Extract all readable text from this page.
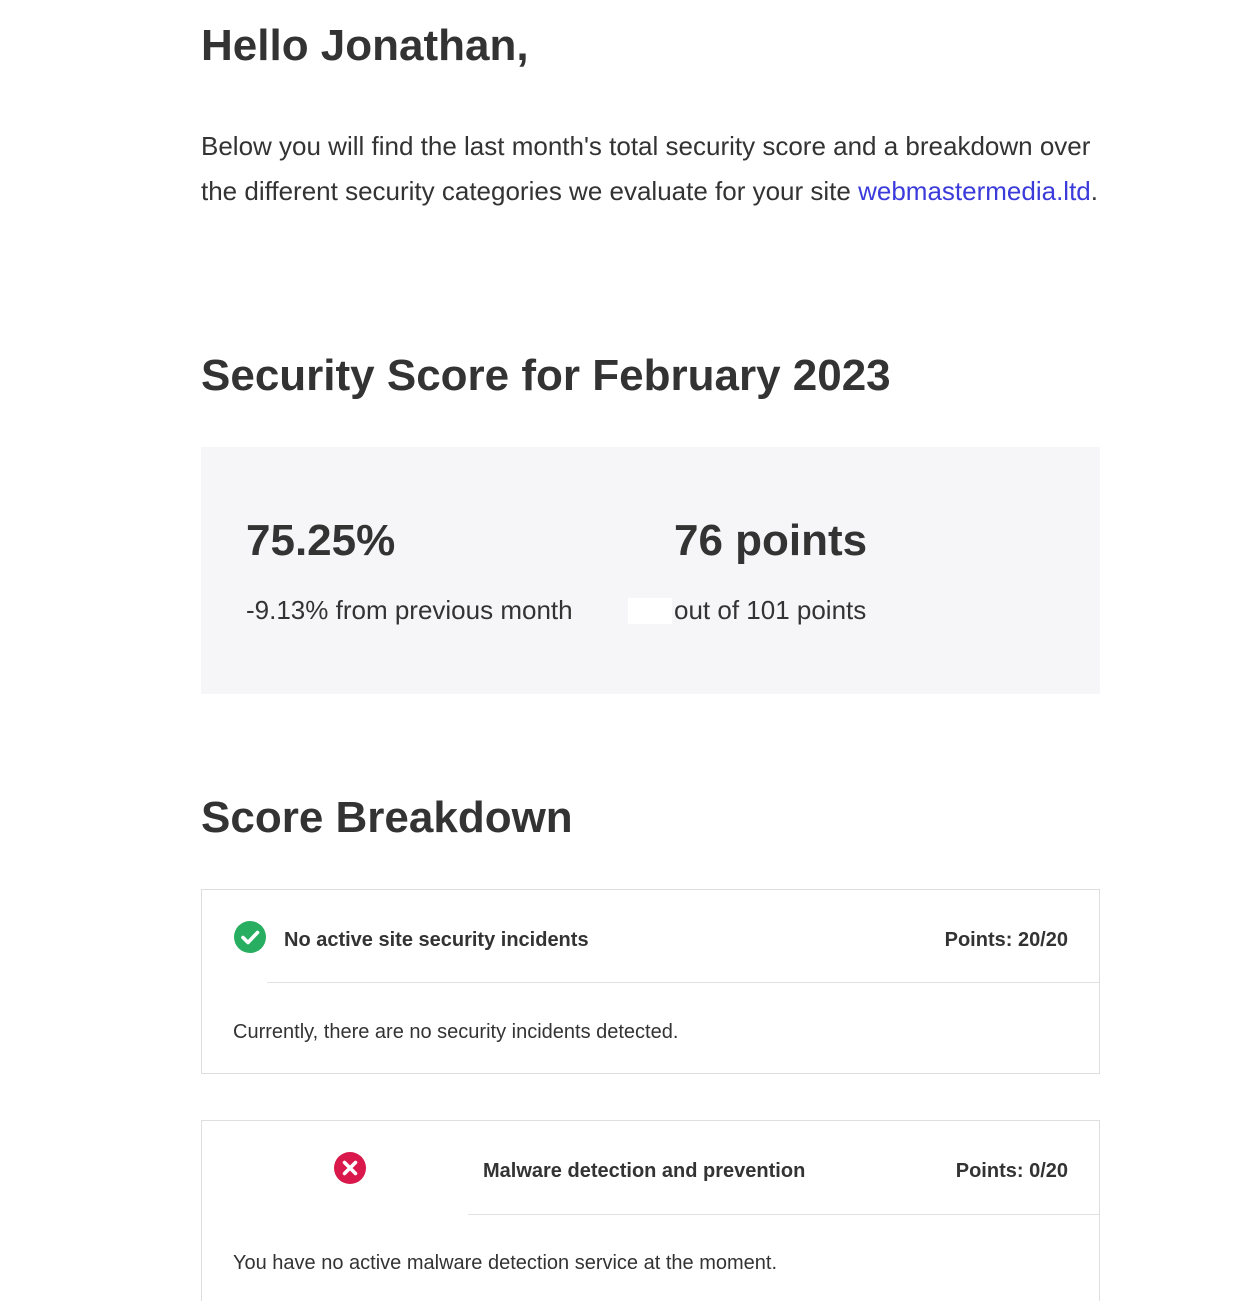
Hello Jonathan,

Below you will find the last month's total security score and a breakdown over the different security categories we evaluate for your site webmastermedia.ltd.

Security Score for February 2023
75.25%
-9.13% from previous month
76 points
out of 101 points
Score Breakdown
No active site security incidents	Points: 20/20
Currently, there are no security incidents detected.
Malware detection and prevention	Points: 0/20
You have no active malware detection service at the moment.
